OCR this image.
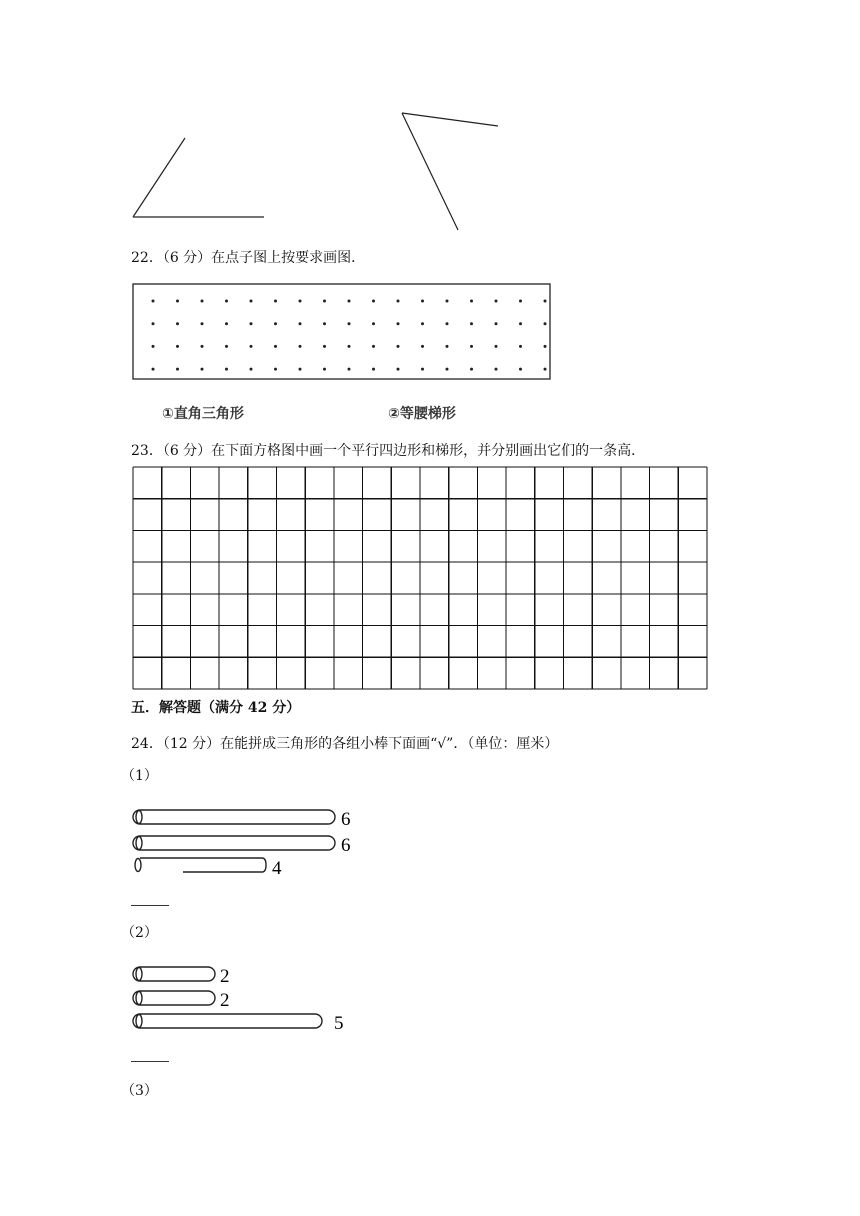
22．（6 分）在点子图上按要求画图．
①直角三角形	②等腰梯形
23．（6 分）在下面方格图中画一个平行四边形和梯形，并分别画出它们的一条高．
五．解答题（满分 42 分）
24．（12 分）在能拼成三角形的各组小棒下面画“√”．（单位：厘米）
（1）
6
6
4
（2）
2
2
5
（3）
